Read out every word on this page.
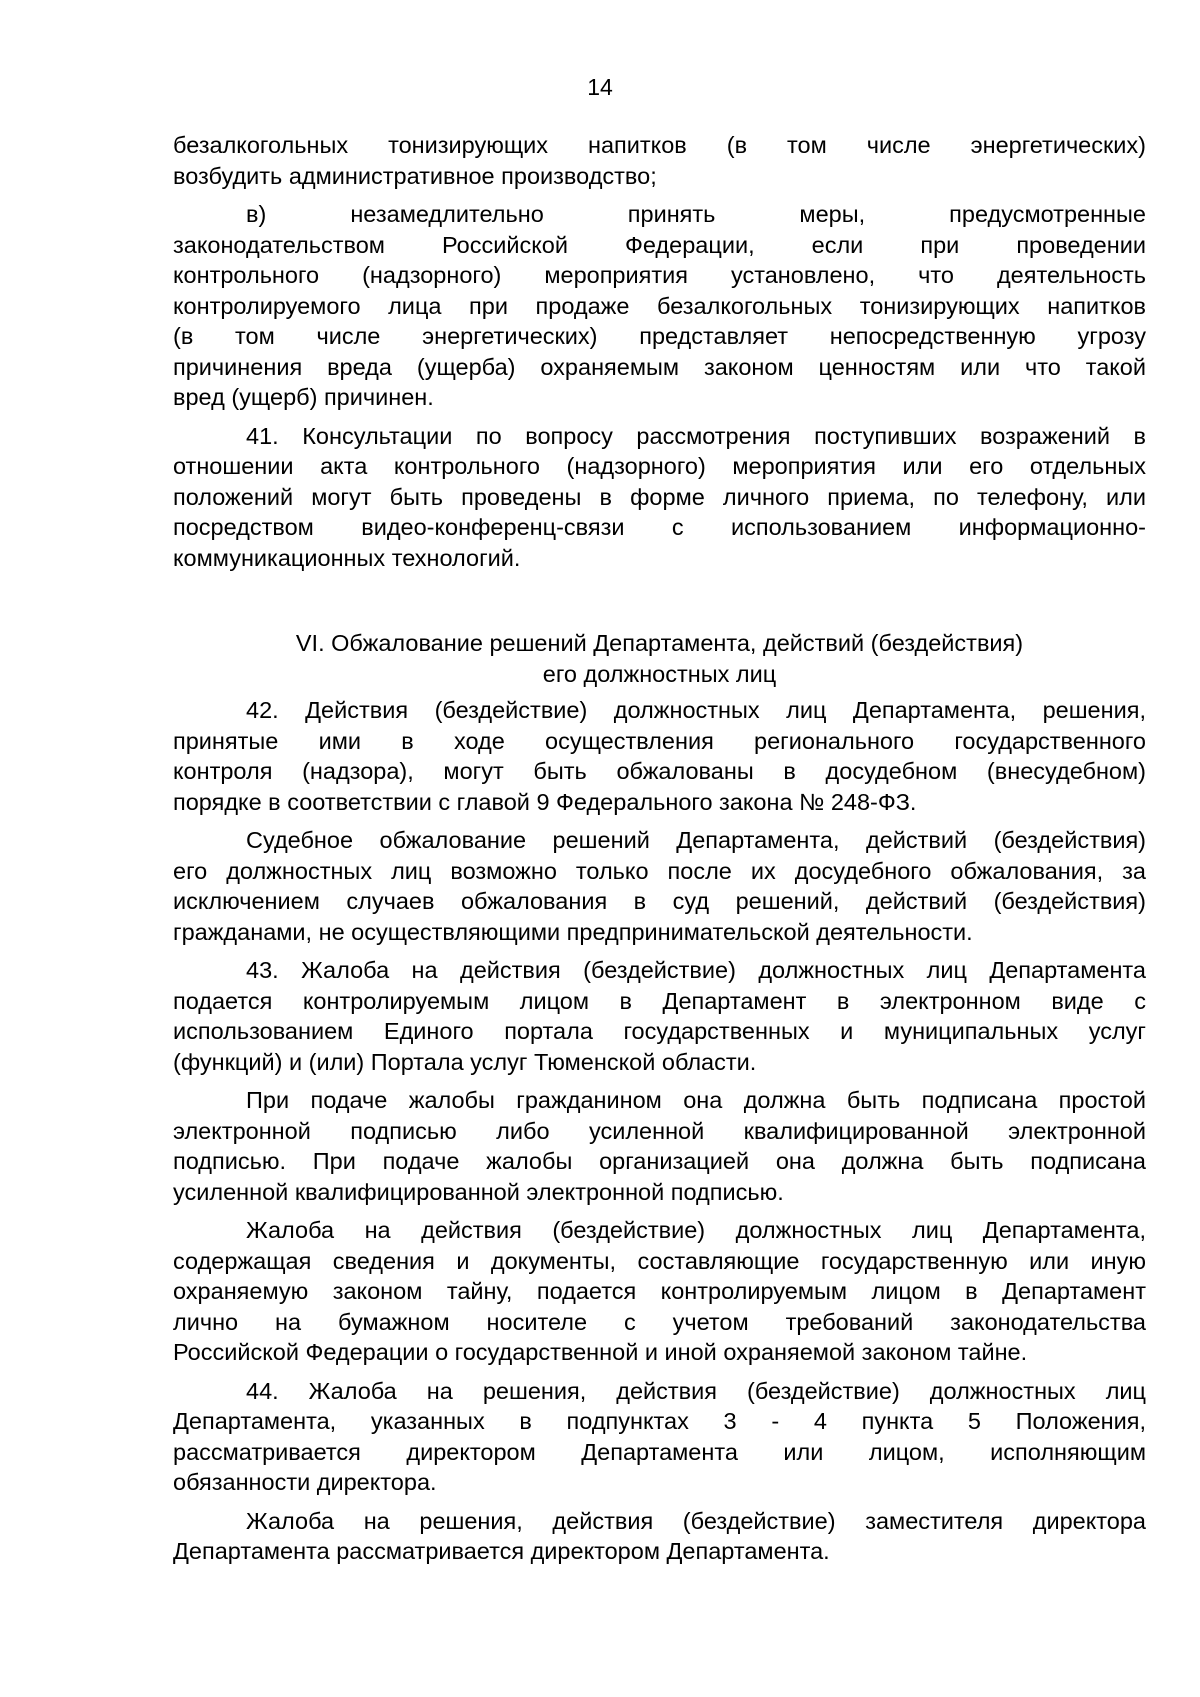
14
безалкогольных тонизирующих напитков (в том числе энергетических)
возбудить административное производство;
в) незамедлительно принять меры, предусмотренные
законодательством Российской Федерации, если при проведении
контрольного (надзорного) мероприятия установлено, что деятельность
контролируемого лица при продаже безалкогольных тонизирующих напитков
(в том числе энергетических) представляет непосредственную угрозу
причинения вреда (ущерба) охраняемым законом ценностям или что такой
вред (ущерб) причинен.
41. Консультации по вопросу рассмотрения поступивших возражений в
отношении акта контрольного (надзорного) мероприятия или его отдельных
положений могут быть проведены в форме личного приема, по телефону, или
посредством видео-конференц-связи с использованием информационно-
коммуникационных технологий.
VI. Обжалование решений Департамента, действий (бездействия)
его должностных лиц
42. Действия (бездействие) должностных лиц Департамента, решения,
принятые ими в ходе осуществления регионального государственного
контроля (надзора), могут быть обжалованы в досудебном (внесудебном)
порядке в соответствии с главой 9 Федерального закона № 248-ФЗ.
Судебное обжалование решений Департамента, действий (бездействия)
его должностных лиц возможно только после их досудебного обжалования, за
исключением случаев обжалования в суд решений, действий (бездействия)
гражданами, не осуществляющими предпринимательской деятельности.
43. Жалоба на действия (бездействие) должностных лиц Департамента
подается контролируемым лицом в Департамент в электронном виде с
использованием Единого портала государственных и муниципальных услуг
(функций) и (или) Портала услуг Тюменской области.
При подаче жалобы гражданином она должна быть подписана простой
электронной подписью либо усиленной квалифицированной электронной
подписью. При подаче жалобы организацией она должна быть подписана
усиленной квалифицированной электронной подписью.
Жалоба на действия (бездействие) должностных лиц Департамента,
содержащая сведения и документы, составляющие государственную или иную
охраняемую законом тайну, подается контролируемым лицом в Департамент
лично на бумажном носителе с учетом требований законодательства
Российской Федерации о государственной и иной охраняемой законом тайне.
44. Жалоба на решения, действия (бездействие) должностных лиц
Департамента, указанных в подпунктах 3 - 4 пункта 5 Положения,
рассматривается директором Департамента или лицом, исполняющим
обязанности директора.
Жалоба на решения, действия (бездействие) заместителя директора
Департамента рассматривается директором Департамента.
